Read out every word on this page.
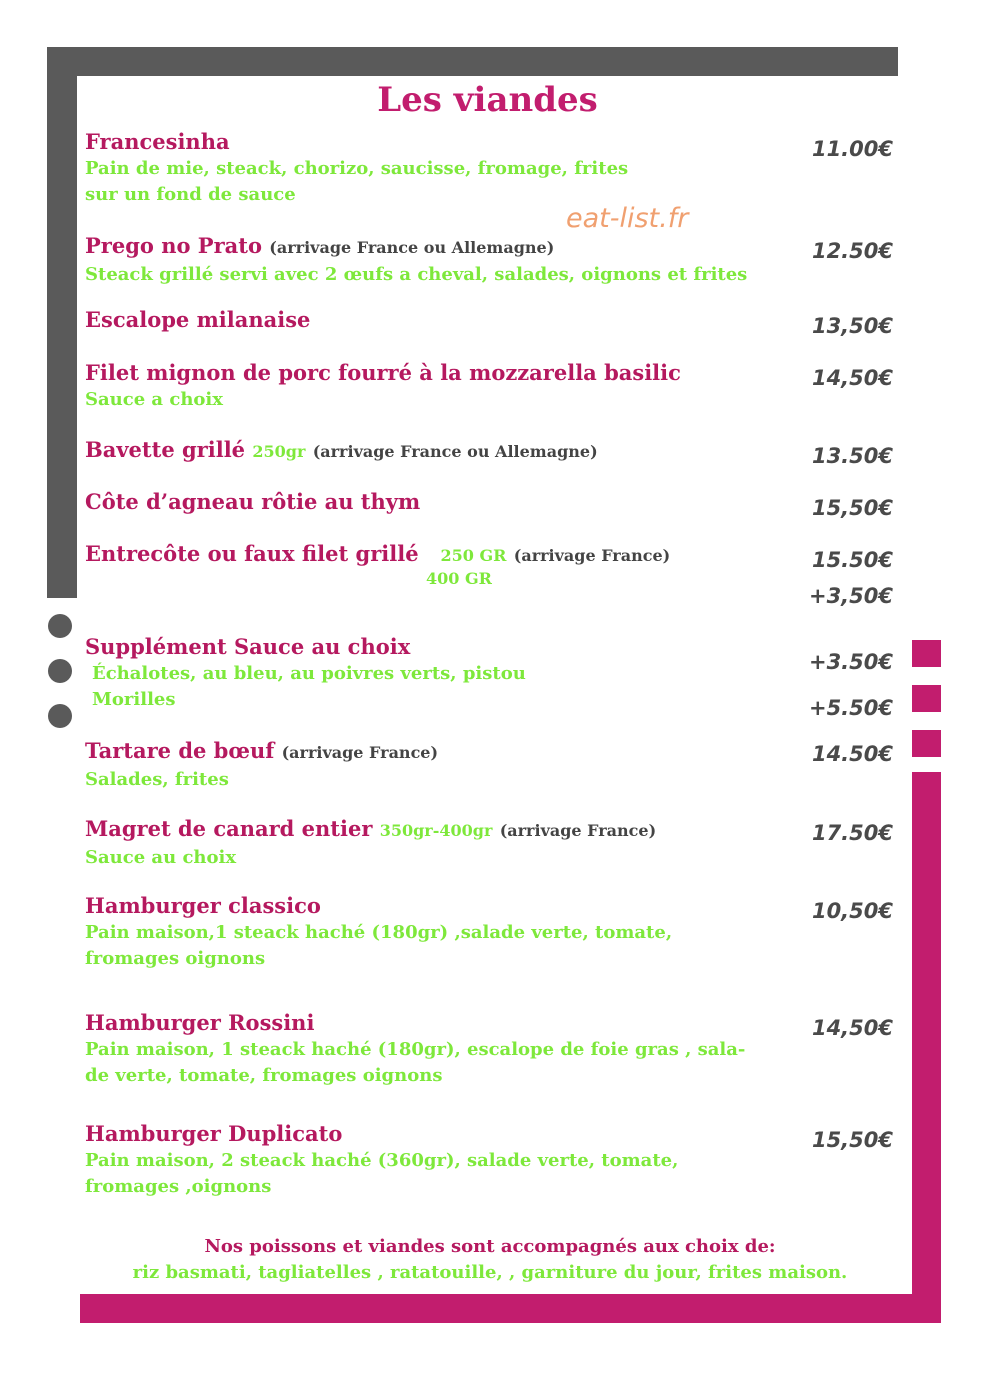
Les viandes
eat-list.fr
Francesinha
Pain de mie, steack, chorizo, saucisse, fromage, frites
sur un fond de sauce
11.00€
Prego no Prato (arrivage France ou Allemagne)
Steack grillé servi avec 2 œufs a cheval, salades, oignons et frites
12.50€
Escalope milanaise	13,50€
Filet mignon de porc fourré à la mozzarella basilic
Sauce a choix
14,50€
Bavette grillé 250gr (arrivage France ou Allemagne)	13.50€
Côte d’agneau rôtie au thym	15,50€
Entrecôte ou faux filet grillé 250 GR (arrivage France)
400 GR
15.50€
+3,50€
Supplément Sauce au choix
Échalotes, au bleu, au poivres verts, pistou
Morilles
+3.50€
+5.50€
Tartare de bœuf (arrivage France)
Salades, frites
14.50€
Magret de canard entier 350gr-400gr (arrivage France)
Sauce au choix
17.50€
Hamburger classico
Pain maison,1 steack haché (180gr) ,salade verte, tomate,
fromages oignons
10,50€
Hamburger Rossini
Pain maison, 1 steack haché (180gr), escalope de foie gras , sala-
de verte, tomate, fromages oignons
14,50€
Hamburger Duplicato
Pain maison, 2 steack haché (360gr), salade verte, tomate,
fromages ,oignons
15,50€
Nos poissons et viandes sont accompagnés aux choix de:
riz basmati, tagliatelles , ratatouille, , garniture du jour, frites maison.
